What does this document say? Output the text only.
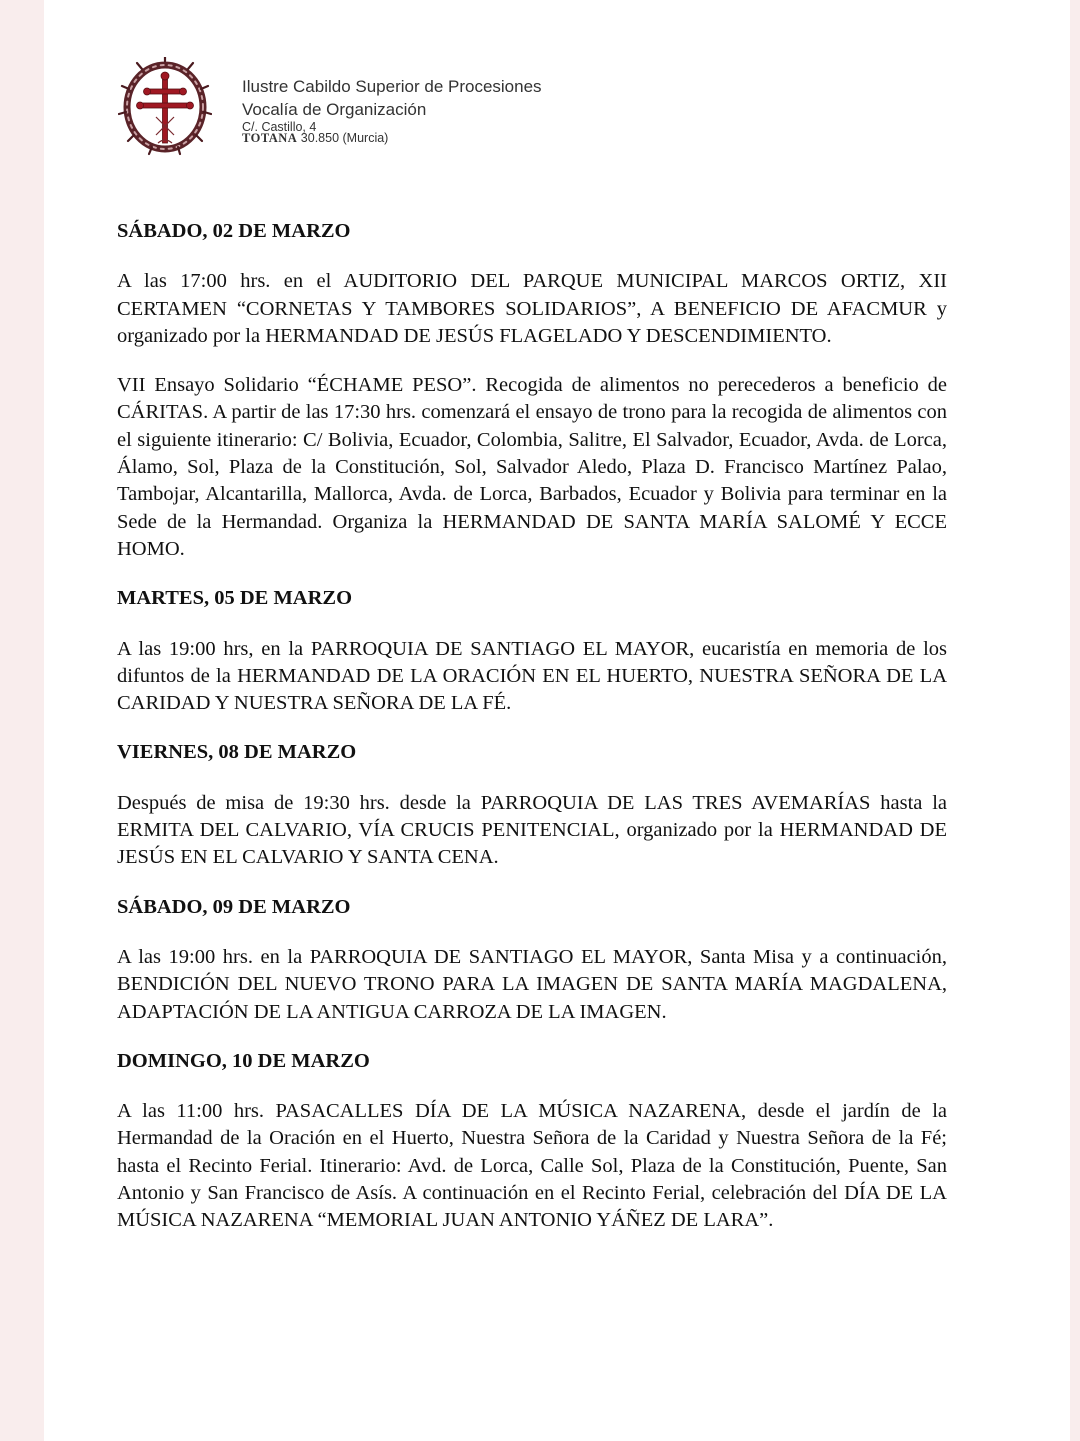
Ilustre Cabildo Superior de Procesiones
Vocalía de Organización
C/. Castillo, 4
TOTANA 30.850 (Murcia)

SÁBADO, 02 DE MARZO

A las 17:00 hrs. en el AUDITORIO DEL PARQUE MUNICIPAL MARCOS ORTIZ, XII CERTAMEN “CORNETAS Y TAMBORES SOLIDARIOS”, A BENEFICIO DE AFACMUR y organizado por la HERMANDAD DE JESÚS FLAGELADO Y DESCENDIMIENTO.

VII Ensayo Solidario “ÉCHAME PESO”. Recogida de alimentos no perecederos a beneficio de CÁRITAS. A partir de las 17:30 hrs. comenzará el ensayo de trono para la recogida de alimentos con el siguiente itinerario: C/ Bolivia, Ecuador, Colombia, Salitre, El Salvador, Ecuador, Avda. de Lorca, Álamo, Sol, Plaza de la Constitución, Sol, Salvador Aledo, Plaza D. Francisco Martínez Palao, Tambojar, Alcantarilla, Mallorca, Avda. de Lorca, Barbados, Ecuador y Bolivia para terminar en la Sede de la Hermandad. Organiza la HERMANDAD DE SANTA MARÍA SALOMÉ Y ECCE HOMO.

MARTES, 05 DE MARZO

A las 19:00 hrs, en la PARROQUIA DE SANTIAGO EL MAYOR, eucaristía en memoria de los difuntos de la HERMANDAD DE LA ORACIÓN EN EL HUERTO, NUESTRA SEÑORA DE LA CARIDAD Y NUESTRA SEÑORA DE LA FÉ.

VIERNES, 08 DE MARZO

Después de misa de 19:30 hrs. desde la PARROQUIA DE LAS TRES AVEMARÍAS hasta la ERMITA DEL CALVARIO, VÍA CRUCIS PENITENCIAL, organizado por la HERMANDAD DE JESÚS EN EL CALVARIO Y SANTA CENA.

SÁBADO, 09 DE MARZO

A las 19:00 hrs. en la PARROQUIA DE SANTIAGO EL MAYOR, Santa Misa y a continuación, BENDICIÓN DEL NUEVO TRONO PARA LA IMAGEN DE SANTA MARÍA MAGDALENA, ADAPTACIÓN DE LA ANTIGUA CARROZA DE LA IMAGEN.

DOMINGO, 10 DE MARZO

A las 11:00 hrs. PASACALLES DÍA DE LA MÚSICA NAZARENA, desde el jardín de la Hermandad de la Oración en el Huerto, Nuestra Señora de la Caridad y Nuestra Señora de la Fé; hasta el Recinto Ferial. Itinerario: Avd. de Lorca, Calle Sol, Plaza de la Constitución, Puente, San Antonio y San Francisco de Asís. A continuación en el Recinto Ferial, celebración del DÍA DE LA MÚSICA NAZARENA “MEMORIAL JUAN ANTONIO YÁÑEZ DE LARA”.
